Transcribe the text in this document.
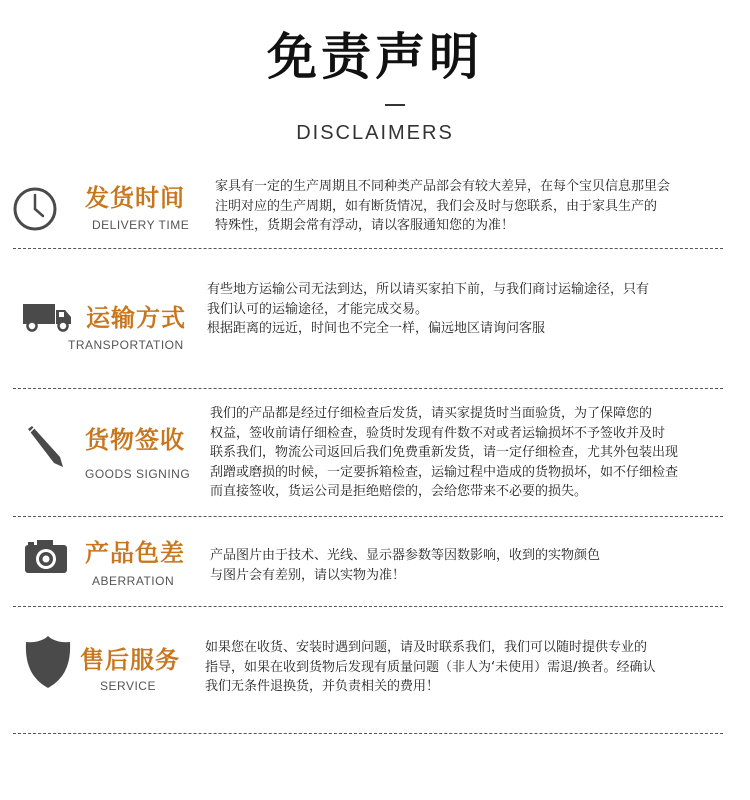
免责声明
DISCLAIMERS
发货时间
DELIVERY TIME

家具有一定的生产周期且不同种类产品部会有较大差异，在每个宝贝信息那里会

注明对应的生产周期，如有断货情况，我们会及时与您联系，由于家具生产的

特殊性，货期会常有浮动，请以客服通知您的为准！

运输方式
TRANSPORTATION

有些地方运输公司无法到达，所以请买家拍下前，与我们商讨运输途径，只有

我们认可的运输途径，才能完成交易。

根据距离的远近，时间也不完全一样，偏远地区请询问客服

货物签收
GOODS SIGNING

我们的产品都是经过仔细检查后发货，请买家提货时当面验货，为了保障您的

权益，签收前请仔细检查，验货时发现有件数不对或者运输损坏不予签收并及时

联系我们，物流公司返回后我们免费重新发货，请一定仔细检查，尤其外包装出现

刮蹭或磨损的时候，一定要拆箱检查，运输过程中造成的货物损坏，如不仔细检查

而直接签收，货运公司是拒绝赔偿的，会给您带来不必要的损失。

产品色差
ABERRATION

产品图片由于技术、光线、显示器参数等因数影响，收到的实物颜色

与图片会有差别，请以实物为准！

售后服务
SERVICE

如果您在收货、安装时遇到问题，请及时联系我们，我们可以随时提供专业的

指导，如果在收到货物后发现有质量问题（非人为‘未使用）需退/换者。经确认

我们无条件退换货，并负责相关的费用！
